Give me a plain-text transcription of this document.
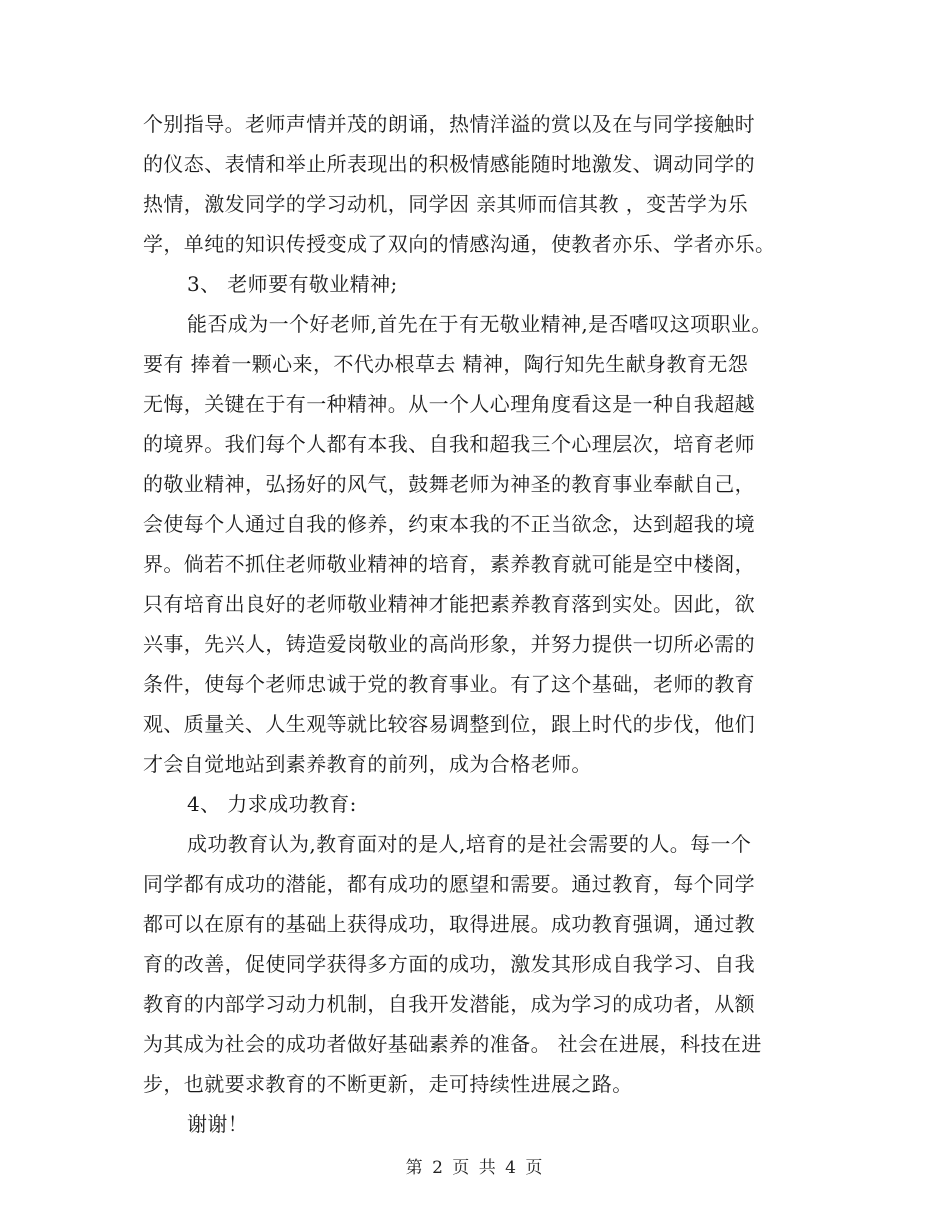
个别指导。老师声情并茂的朗诵，热情洋溢的赏以及在与同学接触时
的仪态、表情和举止所表现出的积极情感能随时地激发、调动同学的
热情，激发同学的学习动机，同学因 亲其师而信其教 ，变苦学为乐
学，单纯的知识传授变成了双向的情感沟通，使教者亦乐、学者亦乐。
3、 老师要有敬业精神;
能否成为一个好老师,首先在于有无敬业精神,是否嗜叹这项职业。
要有 捧着一颗心来，不代办根草去 精神，陶行知先生献身教育无怨
无悔，关键在于有一种精神。从一个人心理角度看这是一种自我超越
的境界。我们每个人都有本我、自我和超我三个心理层次，培育老师
的敬业精神，弘扬好的风气，鼓舞老师为神圣的教育事业奉献自己，
会使每个人通过自我的修养，约束本我的不正当欲念，达到超我的境
界。倘若不抓住老师敬业精神的培育，素养教育就可能是空中楼阁，
只有培育出良好的老师敬业精神才能把素养教育落到实处。因此，欲
兴事，先兴人，铸造爱岗敬业的高尚形象，并努力提供一切所必需的
条件，使每个老师忠诚于党的教育事业。有了这个基础，老师的教育
观、质量关、人生观等就比较容易调整到位，跟上时代的步伐，他们
才会自觉地站到素养教育的前列，成为合格老师。
4、 力求成功教育:
成功教育认为,教育面对的是人,培育的是社会需要的人。每一个
同学都有成功的潜能，都有成功的愿望和需要。通过教育，每个同学
都可以在原有的基础上获得成功，取得进展。成功教育强调，通过教
育的改善，促使同学获得多方面的成功，激发其形成自我学习、自我
教育的内部学习动力机制，自我开发潜能，成为学习的成功者，从额
为其成为社会的成功者做好基础素养的准备。 社会在进展，科技在进
步，也就要求教育的不断更新，走可持续性进展之路。
谢谢！
第 2 页 共 4 页
